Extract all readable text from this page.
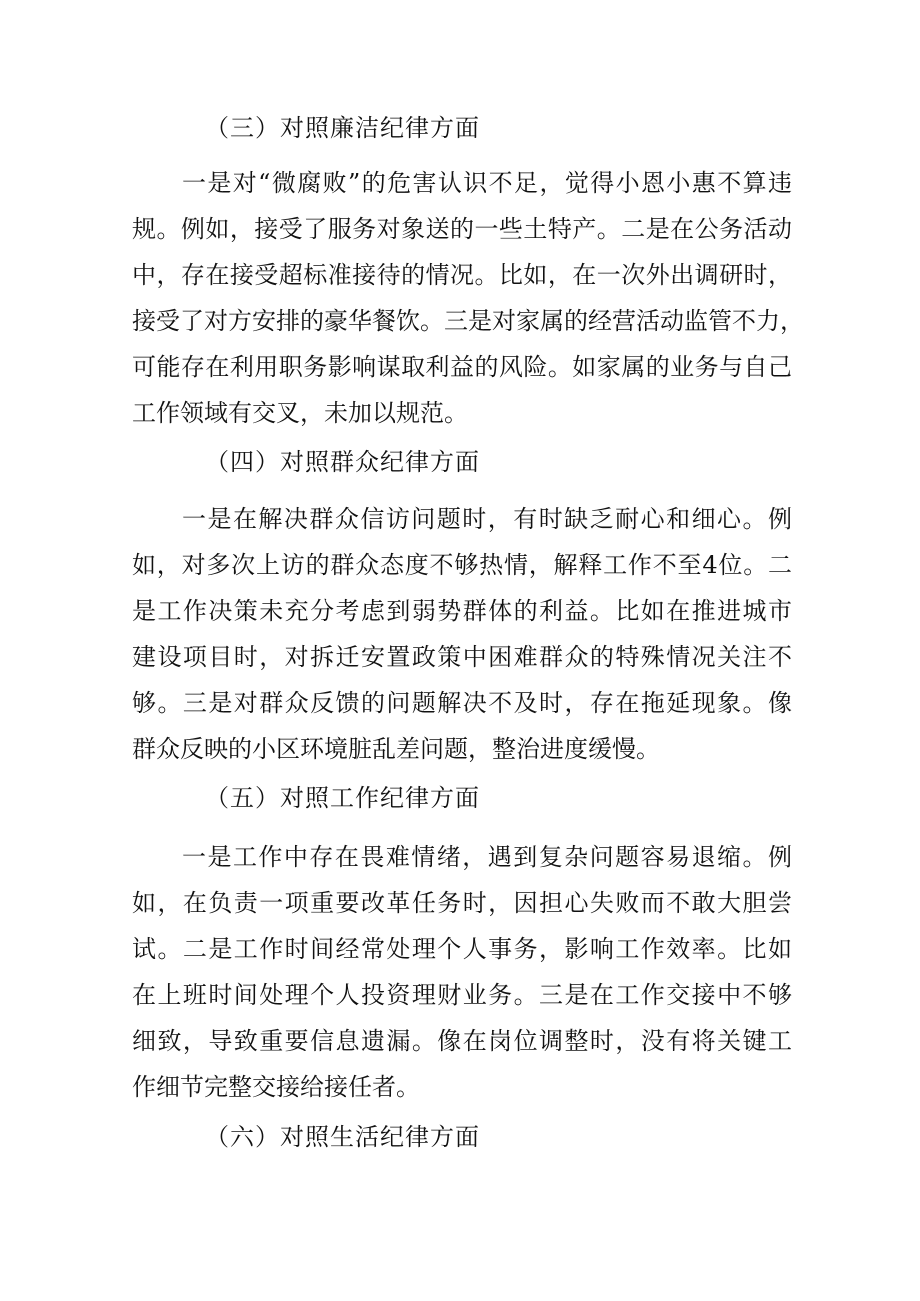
（三）对照廉洁纪律方面
一是对“微腐败”的危害认识不足，觉得小恩小惠不算违
规。例如，接受了服务对象送的一些土特产。二是在公务活动
中，存在接受超标准接待的情况。比如，在一次外出调研时，
接受了对方安排的豪华餐饮。三是对家属的经营活动监管不力，
可能存在利用职务影响谋取利益的风险。如家属的业务与自己
工作领域有交叉，未加以规范。
（四）对照群众纪律方面
一是在解决群众信访问题时，有时缺乏耐心和细心。例
如，对多次上访的群众态度不够热情，解释工作不至4位。二
是工作决策未充分考虑到弱势群体的利益。比如在推进城市
建设项目时，对拆迁安置政策中困难群众的特殊情况关注不
够。三是对群众反馈的问题解决不及时，存在拖延现象。像
群众反映的小区环境脏乱差问题，整治进度缓慢。
（五）对照工作纪律方面
一是工作中存在畏难情绪，遇到复杂问题容易退缩。例
如，在负责一项重要改革任务时，因担心失败而不敢大胆尝
试。二是工作时间经常处理个人事务，影响工作效率。比如
在上班时间处理个人投资理财业务。三是在工作交接中不够
细致，导致重要信息遗漏。像在岗位调整时，没有将关键工
作细节完整交接给接任者。
（六）对照生活纪律方面
